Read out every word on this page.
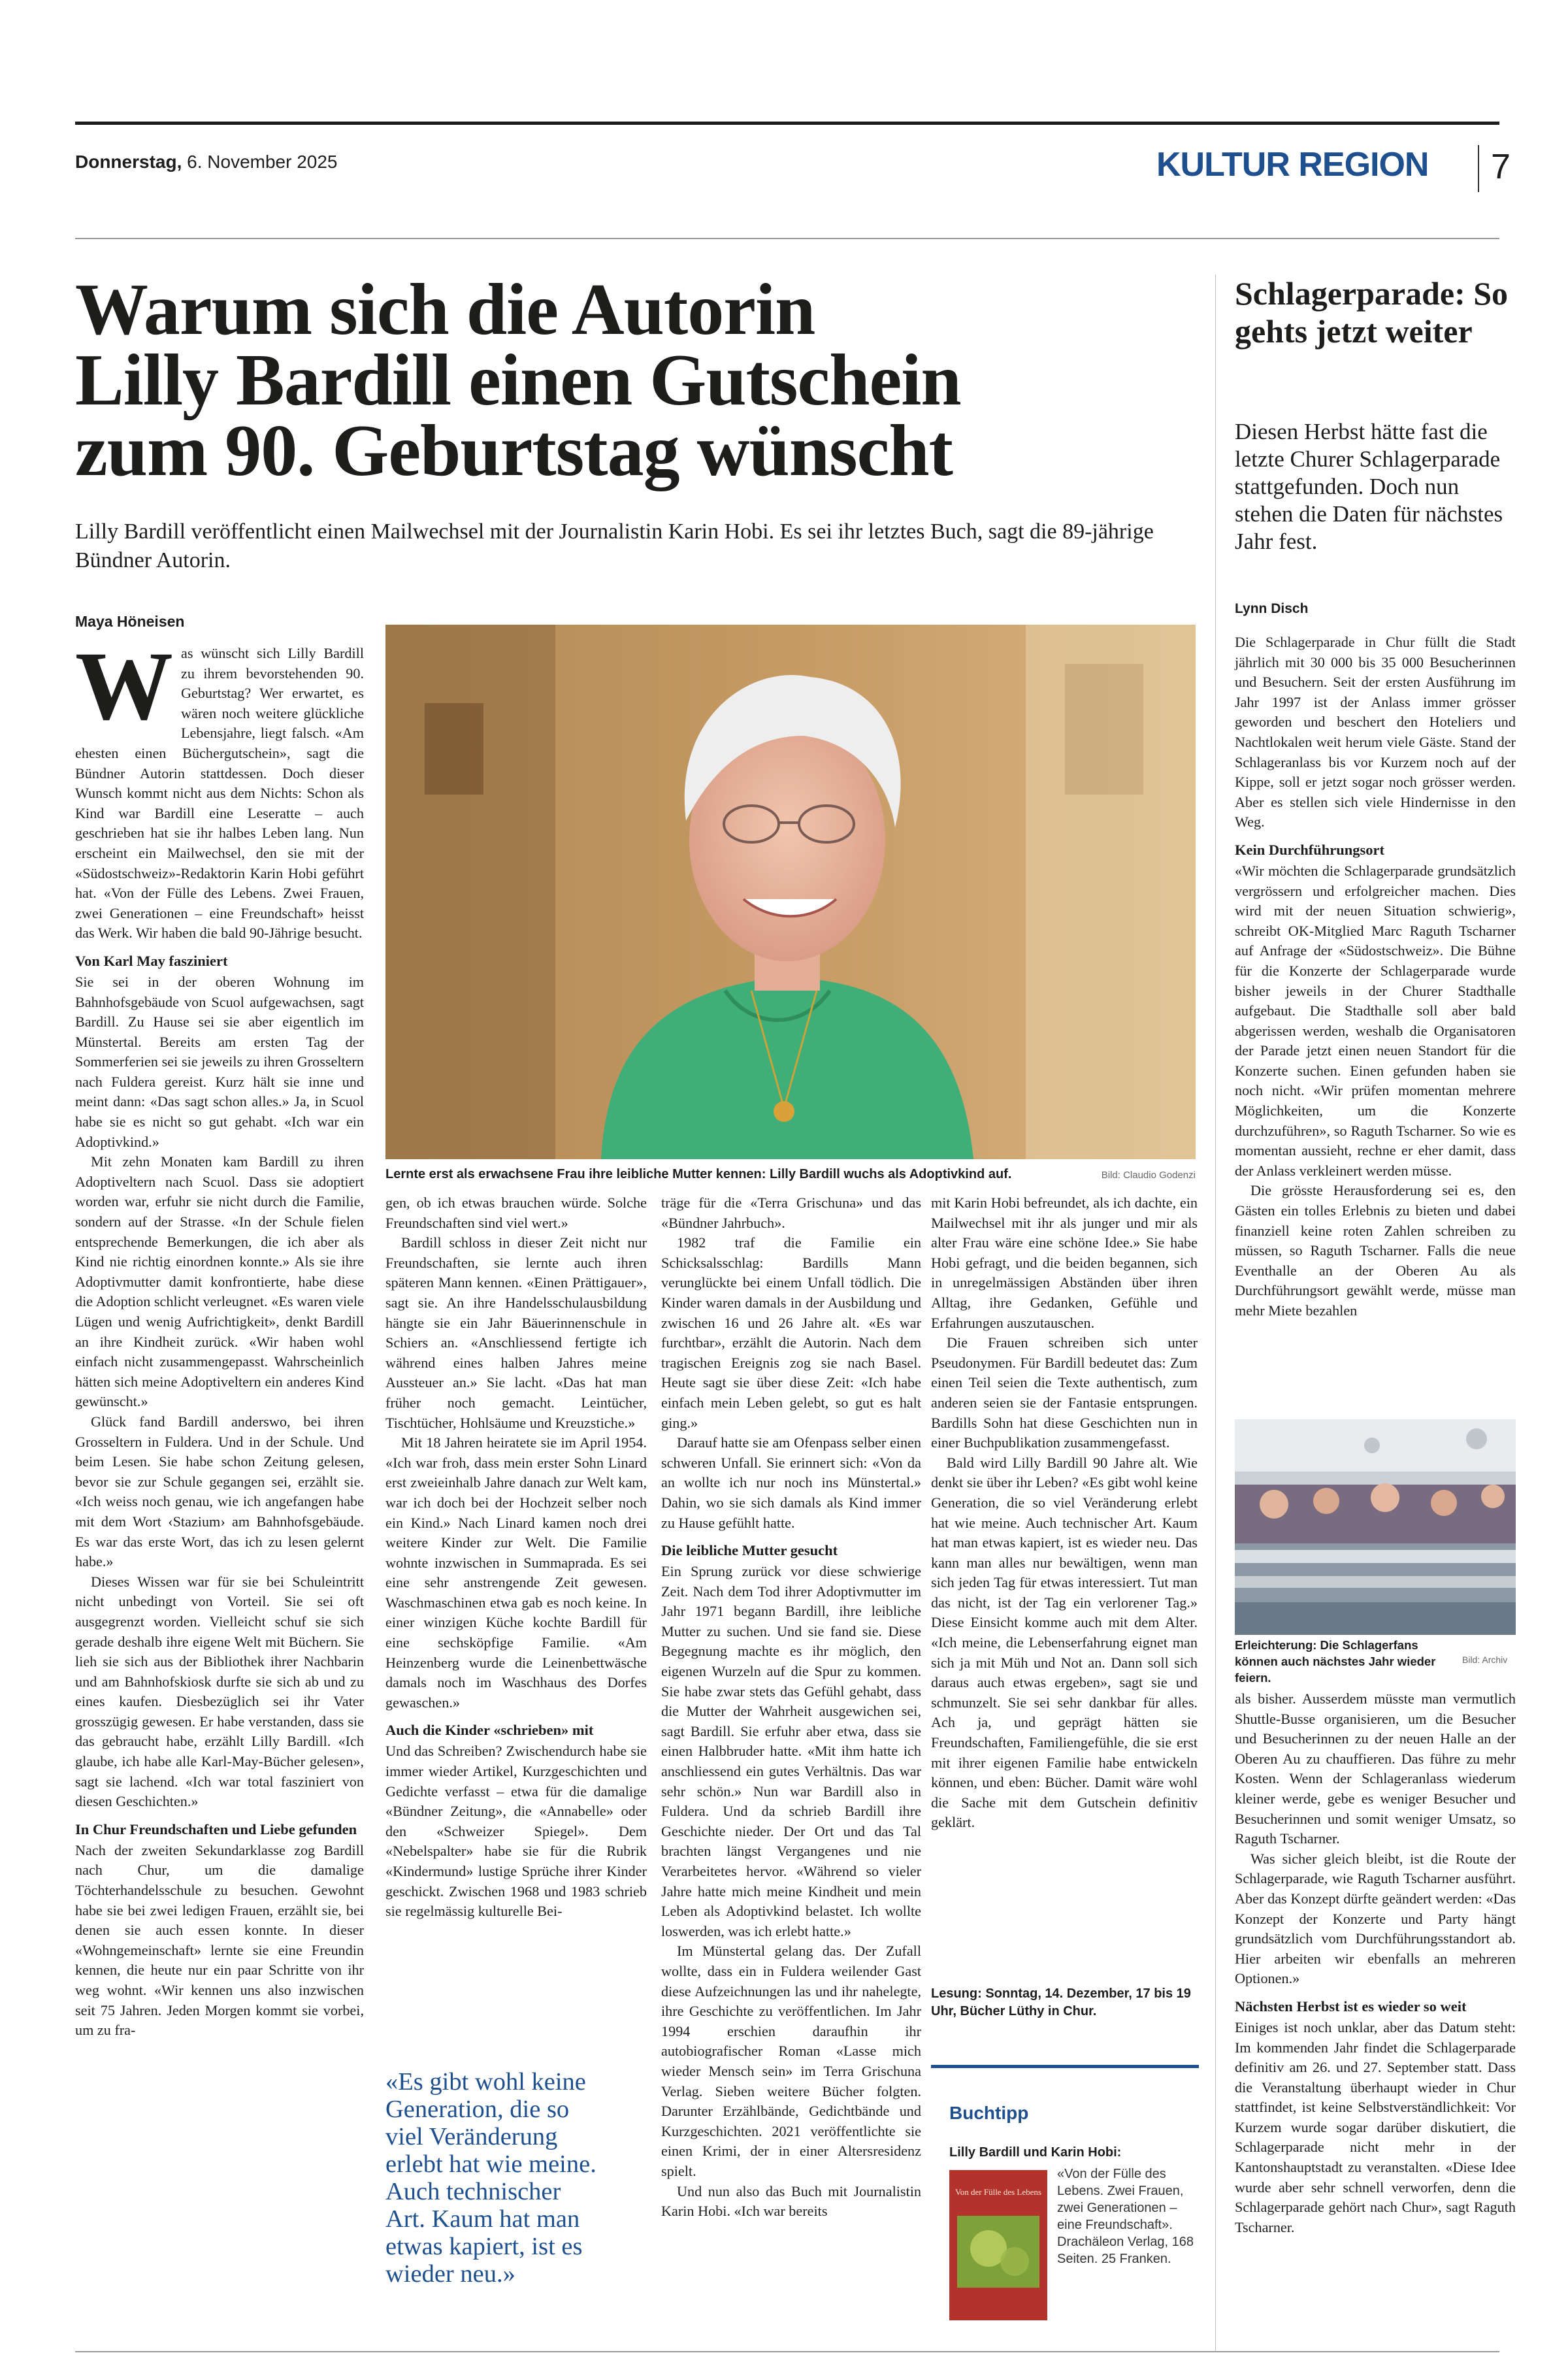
Donnerstag, 6. November 2025	KULTUR REGION 7
Warum sich die Autorin
Lilly Bardill einen Gutschein
zum 90. Geburtstag wünscht
Lilly Bardill veröffentlicht einen Mailwechsel mit der Journalistin Karin Hobi. Es sei ihr letztes Buch, sagt die 89-jährige Bündner Autorin.
Maya Höneisen

Was wünscht sich Lilly Bardill zu ihrem bevorstehenden 90. Geburtstag? Wer erwartet, es wären noch weitere glückliche Lebensjahre, liegt falsch. «Am ehesten einen Büchergutschein», sagt die Bündner Autorin stattdessen. Doch dieser Wunsch kommt nicht aus dem Nichts: Schon als Kind war Bardill eine Leseratte – auch geschrieben hat sie ihr halbes Leben lang. Nun erscheint ein Mailwechsel, den sie mit der «Südostschweiz»-Redaktorin Karin Hobi geführt hat. «Von der Fülle des Lebens. Zwei Frauen, zwei Generationen – eine Freundschaft» heisst das Werk. Wir haben die bald 90-Jährige besucht.

Von Karl May fasziniert

Sie sei in der oberen Wohnung im Bahnhofsgebäude von Scuol aufgewachsen, sagt Bardill. Zu Hause sei sie aber eigentlich im Münstertal. Bereits am ersten Tag der Sommerferien sei sie jeweils zu ihren Grosseltern nach Fuldera gereist. Kurz hält sie inne und meint dann: «Das sagt schon alles.» Ja, in Scuol habe sie es nicht so gut gehabt. «Ich war ein Adoptivkind.»

Mit zehn Monaten kam Bardill zu ihren Adoptiveltern nach Scuol. Dass sie adoptiert worden war, erfuhr sie nicht durch die Familie, sondern auf der Strasse. «In der Schule fielen entsprechende Bemerkungen, die ich aber als Kind nie richtig einordnen konnte.» Als sie ihre Adoptivmutter damit konfrontierte, habe diese die Adoption schlicht verleugnet. «Es waren viele Lügen und wenig Aufrichtigkeit», denkt Bardill an ihre Kindheit zurück. «Wir haben wohl einfach nicht zusammengepasst. Wahrscheinlich hätten sich meine Adoptiveltern ein anderes Kind gewünscht.»

Glück fand Bardill anderswo, bei ihren Grosseltern in Fuldera. Und in der Schule. Und beim Lesen. Sie habe schon Zeitung gelesen, bevor sie zur Schule gegangen sei, erzählt sie. «Ich weiss noch genau, wie ich angefangen habe mit dem Wort ‹Stazium› am Bahnhofsgebäude. Es war das erste Wort, das ich zu lesen gelernt habe.»

Dieses Wissen war für sie bei Schuleintritt nicht unbedingt von Vorteil. Sie sei oft ausgegrenzt worden. Vielleicht schuf sie sich gerade deshalb ihre eigene Welt mit Büchern. Sie lieh sie sich aus der Bibliothek ihrer Nachbarin und am Bahnhofskiosk durfte sie sich ab und zu eines kaufen. Diesbezüglich sei ihr Vater grosszügig gewesen. Er habe verstanden, dass sie das gebraucht habe, erzählt Lilly Bardill. «Ich glaube, ich habe alle Karl-May-Bücher gelesen», sagt sie lachend. «Ich war total fasziniert von diesen Geschichten.»

In Chur Freundschaften und Liebe gefunden

Nach der zweiten Sekundarklasse zog Bardill nach Chur, um die damalige Töchterhandelsschule zu besuchen. Gewohnt habe sie bei zwei ledigen Frauen, erzählt sie, bei denen sie auch essen konnte. In dieser «Wohngemeinschaft» lernte sie eine Freundin kennen, die heute nur ein paar Schritte von ihr weg wohnt. «Wir kennen uns also inzwischen seit 75 Jahren. Jeden Morgen kommt sie vorbei, um zu fra-

Lernte erst als erwachsene Frau ihre leibliche Mutter kennen: Lilly Bardill wuchs als Adoptivkind auf.	Bild: Claudio Godenzi

gen, ob ich etwas brauchen würde. Solche Freundschaften sind viel wert.»

Bardill schloss in dieser Zeit nicht nur Freundschaften, sie lernte auch ihren späteren Mann kennen. «Einen Prättigauer», sagt sie. An ihre Handelsschulausbildung hängte sie ein Jahr Bäuerinnenschule in Schiers an. «Anschliessend fertigte ich während eines halben Jahres meine Aussteuer an.» Sie lacht. «Das hat man früher noch gemacht. Leintücher, Tischtücher, Hohlsäume und Kreuzstiche.»

Mit 18 Jahren heiratete sie im April 1954. «Ich war froh, dass mein erster Sohn Linard erst zweieinhalb Jahre danach zur Welt kam, war ich doch bei der Hochzeit selber noch ein Kind.» Nach Linard kamen noch drei weitere Kinder zur Welt. Die Familie wohnte inzwischen in Summaprada. Es sei eine sehr anstrengende Zeit gewesen. Waschmaschinen etwa gab es noch keine. In einer winzigen Küche kochte Bardill für eine sechsköpfige Familie. «Am Heinzenberg wurde die Leinenbettwäsche damals noch im Waschhaus des Dorfes gewaschen.»

Auch die Kinder «schrieben» mit

Und das Schreiben? Zwischendurch habe sie immer wieder Artikel, Kurzgeschichten und Gedichte verfasst – etwa für die damalige «Bündner Zeitung», die «Annabelle» oder den «Schweizer Spiegel». Dem «Nebelspalter» habe sie für die Rubrik «Kindermund» lustige Sprüche ihrer Kinder geschickt. Zwischen 1968 und 1983 schrieb sie regelmässig kulturelle Bei-

«Es gibt wohl keine Generation, die so viel Veränderung erlebt hat wie meine. Auch technischer Art. Kaum hat man etwas kapiert, ist es wieder neu.»

träge für die «Terra Grischuna» und das «Bündner Jahrbuch».

1982 traf die Familie ein Schicksalsschlag: Bardills Mann verunglückte bei einem Unfall tödlich. Die Kinder waren damals in der Ausbildung und zwischen 16 und 26 Jahre alt. «Es war furchtbar», erzählt die Autorin. Nach dem tragischen Ereignis zog sie nach Basel. Heute sagt sie über diese Zeit: «Ich habe einfach mein Leben gelebt, so gut es halt ging.»

Darauf hatte sie am Ofenpass selber einen schweren Unfall. Sie erinnert sich: «Von da an wollte ich nur noch ins Münstertal.» Dahin, wo sie sich damals als Kind immer zu Hause gefühlt hatte.

Die leibliche Mutter gesucht

Ein Sprung zurück vor diese schwierige Zeit. Nach dem Tod ihrer Adoptivmutter im Jahr 1971 begann Bardill, ihre leibliche Mutter zu suchen. Und sie fand sie. Diese Begegnung machte es ihr möglich, den eigenen Wurzeln auf die Spur zu kommen. Sie habe zwar stets das Gefühl gehabt, dass die Mutter der Wahrheit ausgewichen sei, sagt Bardill. Sie erfuhr aber etwa, dass sie einen Halbbruder hatte. «Mit ihm hatte ich anschliessend ein gutes Verhältnis. Das war sehr schön.» Nun war Bardill also in Fuldera. Und da schrieb Bardill ihre Geschichte nieder. Der Ort und das Tal brachten längst Vergangenes und nie Verarbeitetes hervor. «Während so vieler Jahre hatte mich meine Kindheit und mein Leben als Adoptivkind belastet. Ich wollte loswerden, was ich erlebt hatte.»

Im Münstertal gelang das. Der Zufall wollte, dass ein in Fuldera weilender Gast diese Aufzeichnungen las und ihr nahelegte, ihre Geschichte zu veröffentlichen. Im Jahr 1994 erschien daraufhin ihr autobiografischer Roman «Lasse mich wieder Mensch sein» im Terra Grischuna Verlag. Sieben weitere Bücher folgten. Darunter Erzählbände, Gedichtbände und Kurzgeschichten. 2021 veröffentlichte sie einen Krimi, der in einer Altersresidenz spielt.

Und nun also das Buch mit Journalistin Karin Hobi. «Ich war bereits

mit Karin Hobi befreundet, als ich dachte, ein Mailwechsel mit ihr als junger und mir als alter Frau wäre eine schöne Idee.» Sie habe Hobi gefragt, und die beiden begannen, sich in unregelmässigen Abständen über ihren Alltag, ihre Gedanken, Gefühle und Erfahrungen auszutauschen.

Die Frauen schreiben sich unter Pseudonymen. Für Bardill bedeutet das: Zum einen Teil seien die Texte authentisch, zum anderen seien sie der Fantasie entsprungen. Bardills Sohn hat diese Geschichten nun in einer Buchpublikation zusammengefasst.

Bald wird Lilly Bardill 90 Jahre alt. Wie denkt sie über ihr Leben? «Es gibt wohl keine Generation, die so viel Veränderung erlebt hat wie meine. Auch technischer Art. Kaum hat man etwas kapiert, ist es wieder neu. Das kann man alles nur bewältigen, wenn man sich jeden Tag für etwas interessiert. Tut man das nicht, ist der Tag ein verlorener Tag.» Diese Einsicht komme auch mit dem Alter. «Ich meine, die Lebenserfahrung eignet man sich ja mit Müh und Not an. Dann soll sich daraus auch etwas ergeben», sagt sie und schmunzelt. Sie sei sehr dankbar für alles. Ach ja, und geprägt hätten sie Freundschaften, Familiengefühle, die sie erst mit ihrer eigenen Familie habe entwickeln können, und eben: Bücher. Damit wäre wohl die Sache mit dem Gutschein definitiv geklärt.

Lesung: Sonntag, 14. Dezember, 17 bis 19 Uhr, Bücher Lüthy in Chur.
Buchtipp
Lilly Bardill und Karin Hobi:
Von der Fülle des Lebens
«Von der Fülle des Lebens. Zwei Frauen, zwei Generationen – eine Freundschaft». Drachäleon Verlag, 168 Seiten. 25 Franken.
Schlagerparade: So gehts jetzt weiter
Diesen Herbst hätte fast die letzte Churer Schlagerparade stattgefunden. Doch nun stehen die Daten für nächstes Jahr fest.
Lynn Disch

Die Schlagerparade in Chur füllt die Stadt jährlich mit 30 000 bis 35 000 Besucherinnen und Besuchern. Seit der ersten Ausführung im Jahr 1997 ist der Anlass immer grösser geworden und beschert den Hoteliers und Nachtlokalen weit herum viele Gäste. Stand der Schlageranlass bis vor Kurzem noch auf der Kippe, soll er jetzt sogar noch grösser werden. Aber es stellen sich viele Hindernisse in den Weg.

Kein Durchführungsort

«Wir möchten die Schlagerparade grundsätzlich vergrössern und erfolgreicher machen. Dies wird mit der neuen Situation schwierig», schreibt OK-Mitglied Marc Raguth Tscharner auf Anfrage der «Südostschweiz». Die Bühne für die Konzerte der Schlagerparade wurde bisher jeweils in der Churer Stadthalle aufgebaut. Die Stadthalle soll aber bald abgerissen werden, weshalb die Organisatoren der Parade jetzt einen neuen Standort für die Konzerte suchen. Einen gefunden haben sie noch nicht. «Wir prüfen momentan mehrere Möglichkeiten, um die Konzerte durchzuführen», so Raguth Tscharner. So wie es momentan aussieht, rechne er eher damit, dass der Anlass verkleinert werden müsse.

Die grösste Herausforderung sei es, den Gästen ein tolles Erlebnis zu bieten und dabei finanziell keine roten Zahlen schreiben zu müssen, so Raguth Tscharner. Falls die neue Eventhalle an der Oberen Au als Durchführungsort gewählt werde, müsse man mehr Miete bezahlen

Erleichterung: Die Schlagerfans können auch nächstes Jahr wieder feiern.
Bild: Archiv

als bisher. Ausserdem müsste man vermutlich Shuttle-Busse organisieren, um die Besucher und Besucherinnen zu der neuen Halle an der Oberen Au zu chauffieren. Das führe zu mehr Kosten. Wenn der Schlageranlass wiederum kleiner werde, gebe es weniger Besucher und Besucherinnen und somit weniger Umsatz, so Raguth Tscharner.

Was sicher gleich bleibt, ist die Route der Schlagerparade, wie Raguth Tscharner ausführt. Aber das Konzept dürfte geändert werden: «Das Konzept der Konzerte und Party hängt grundsätzlich vom Durchführungsstandort ab. Hier arbeiten wir ebenfalls an mehreren Optionen.»

Nächsten Herbst ist es wieder so weit

Einiges ist noch unklar, aber das Datum steht: Im kommenden Jahr findet die Schlagerparade definitiv am 26. und 27. September statt. Dass die Veranstaltung überhaupt wieder in Chur stattfindet, ist keine Selbstverständlichkeit: Vor Kurzem wurde sogar darüber diskutiert, die Schlagerparade nicht mehr in der Kantonshauptstadt zu veranstalten. «Diese Idee wurde aber sehr schnell verworfen, denn die Schlagerparade gehört nach Chur», sagt Raguth Tscharner.
